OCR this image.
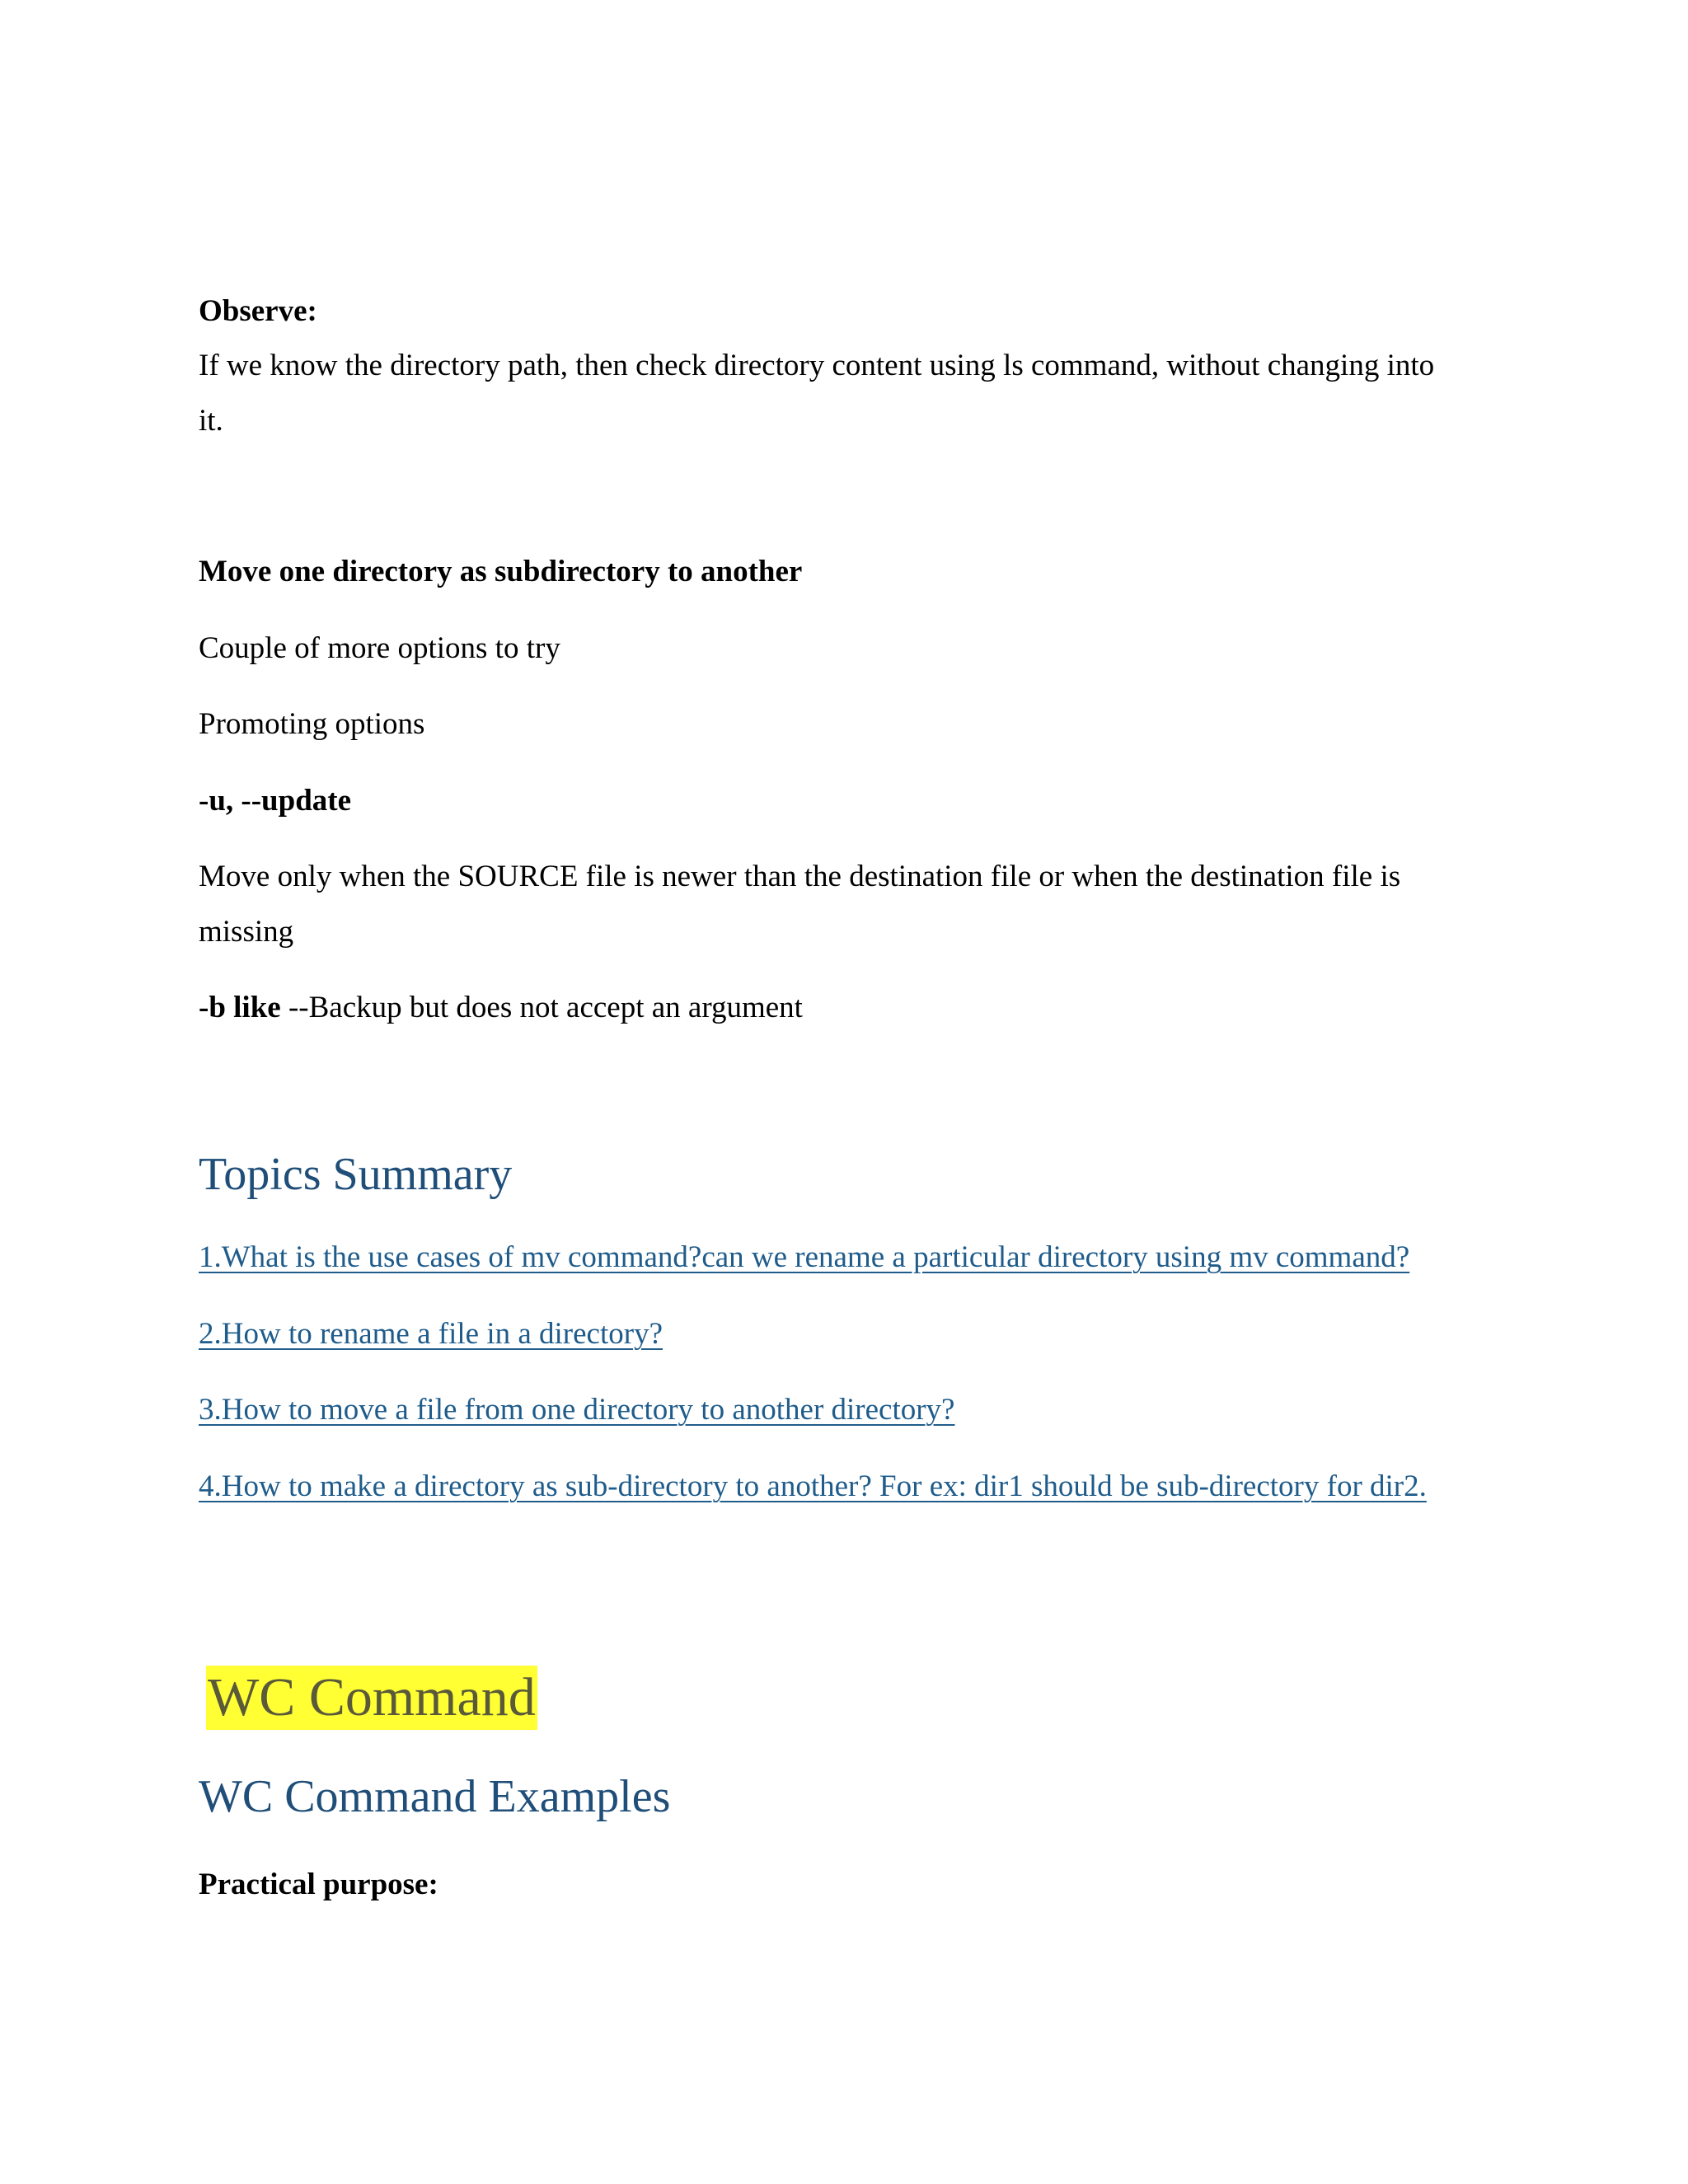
Observe:

If we know the directory path, then check directory content using ls command, without changing into

it.

Move one directory as subdirectory to another

Couple of more options to try

Promoting options

-u, --update

Move only when the SOURCE file is newer than the destination file or when the destination file is

missing

-b like --Backup but does not accept an argument

Topics Summary
1.What is the use cases of mv command?can we rename a particular directory using mv command?
2.How to rename a file in a directory?
3.How to move a file from one directory to another directory?
4.How to make a directory as sub-directory to another? For ex: dir1 should be sub-directory for dir2.
WC Command
WC Command Examples

Practical purpose:
